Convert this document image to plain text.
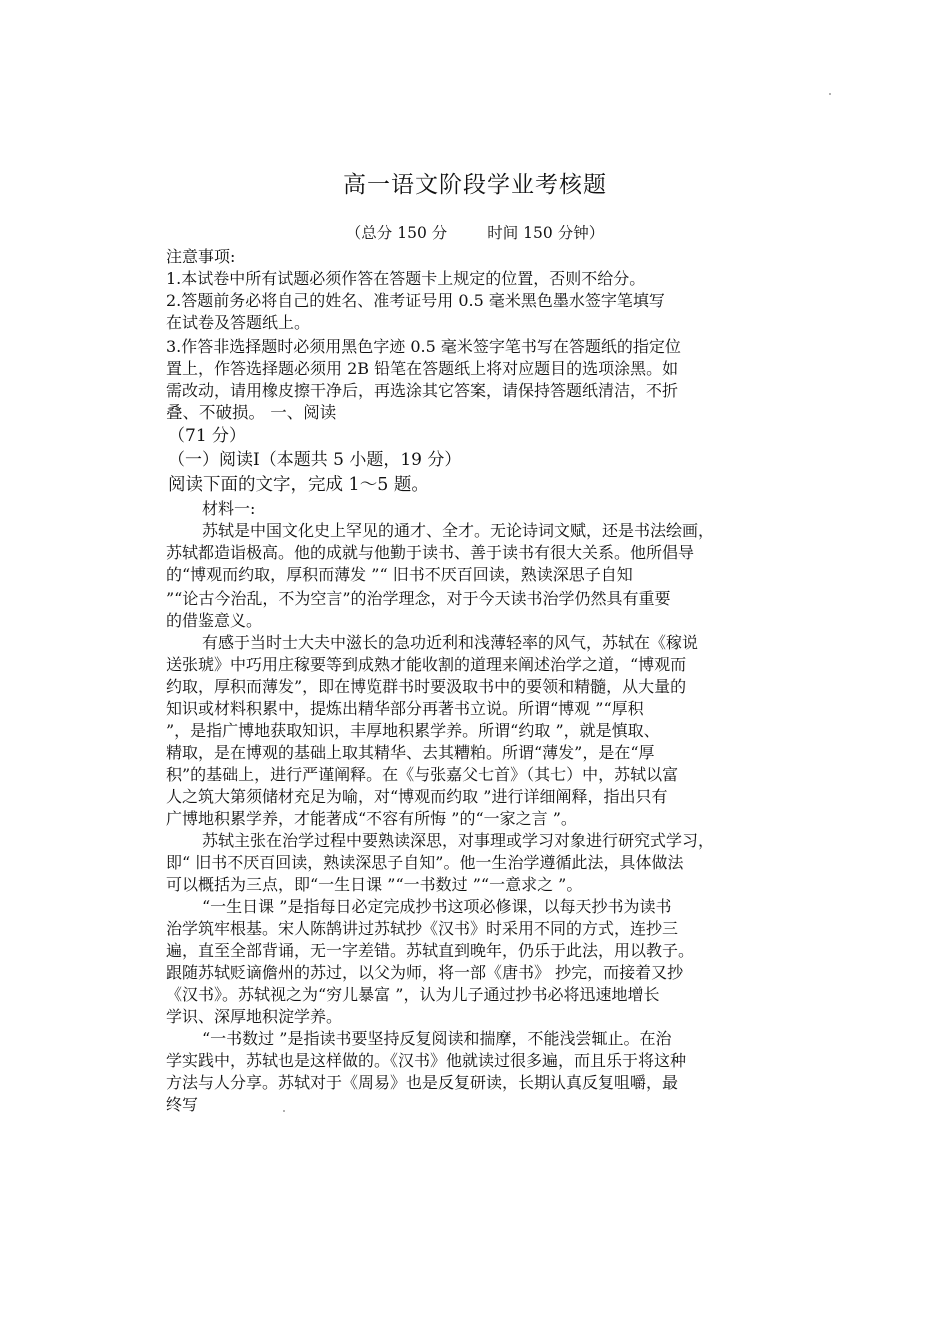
高一语文阶段学业考核题
（总分 150 分	时间 150 分钟）
注意事项:
1.本试卷中所有试题必须作答在答题卡上规定的位置，否则不给分。
2.答题前务必将自己的姓名、准考证号用 0.5 毫米黑色墨水签字笔填写
在试卷及答题纸上。
3.作答非选择题时必须用黑色字迹 0.5 毫米签字笔书写在答题纸的指定位
置上，作答选择题必须用 2B 铅笔在答题纸上将对应题目的选项涂黑。如
需改动，请用橡皮擦干净后，再选涂其它答案，请保持答题纸清洁，不折
叠、不破损。 一、阅读
（71 分）
（一）阅读Ⅰ（本题共 5 小题，19 分）
阅读下面的文字，完成 1～5 题。
材料一:
苏轼是中国文化史上罕见的通才、全才。无论诗词文赋，还是书法绘画，
苏轼都造诣极高。他的成就与他勤于读书、善于读书有很大关系。他所倡导
的“博观而约取，厚积而薄发 ”“ 旧书不厌百回读，熟读深思子自知
”“论古今治乱，不为空言”的治学理念，对于今天读书治学仍然具有重要
的借鉴意义。
有感于当时士大夫中滋长的急功近利和浅薄轻率的风气，苏轼在《稼说
送张琥》中巧用庄稼要等到成熟才能收割的道理来阐述治学之道，“博观而
约取，厚积而薄发”，即在博览群书时要汲取书中的要领和精髓，从大量的
知识或材料积累中，提炼出精华部分再著书立说。所谓“博观 ”“厚积
”，是指广博地获取知识，丰厚地积累学养。所谓“约取 ”，就是慎取、
精取，是在博观的基础上取其精华、去其糟粕。所谓“薄发”，是在“厚
积”的基础上，进行严谨阐释。在《与张嘉父七首》（其七）中，苏轼以富
人之筑大第须储材充足为喻，对“博观而约取 ”进行详细阐释，指出只有
广博地积累学养，才能著成“不容有所悔 ”的“一家之言 ”。
苏轼主张在治学过程中要熟读深思，对事理或学习对象进行研究式学习，
即“ 旧书不厌百回读，熟读深思子自知”。他一生治学遵循此法，具体做法
可以概括为三点，即“一生日课 ”“一书数过 ”“一意求之 ”。
“一生日课 ”是指每日必定完成抄书这项必修课，以每天抄书为读书
治学筑牢根基。宋人陈鹄讲过苏轼抄《汉书》时采用不同的方式，连抄三
遍，直至全部背诵，无一字差错。苏轼直到晚年，仍乐于此法，用以教子。
跟随苏轼贬谪儋州的苏过，以父为师，将一部《唐书》 抄完，而接着又抄
《汉书》。苏轼视之为“穷儿暴富 ”，认为儿子通过抄书必将迅速地增长
学识、深厚地积淀学养。
“一书数过 ”是指读书要坚持反复阅读和揣摩，不能浅尝辄止。在治
学实践中，苏轼也是这样做的。《汉书》他就读过很多遍，而且乐于将这种
方法与人分享。苏轼对于《周易》也是反复研读，长期认真反复咀嚼，最
终写
